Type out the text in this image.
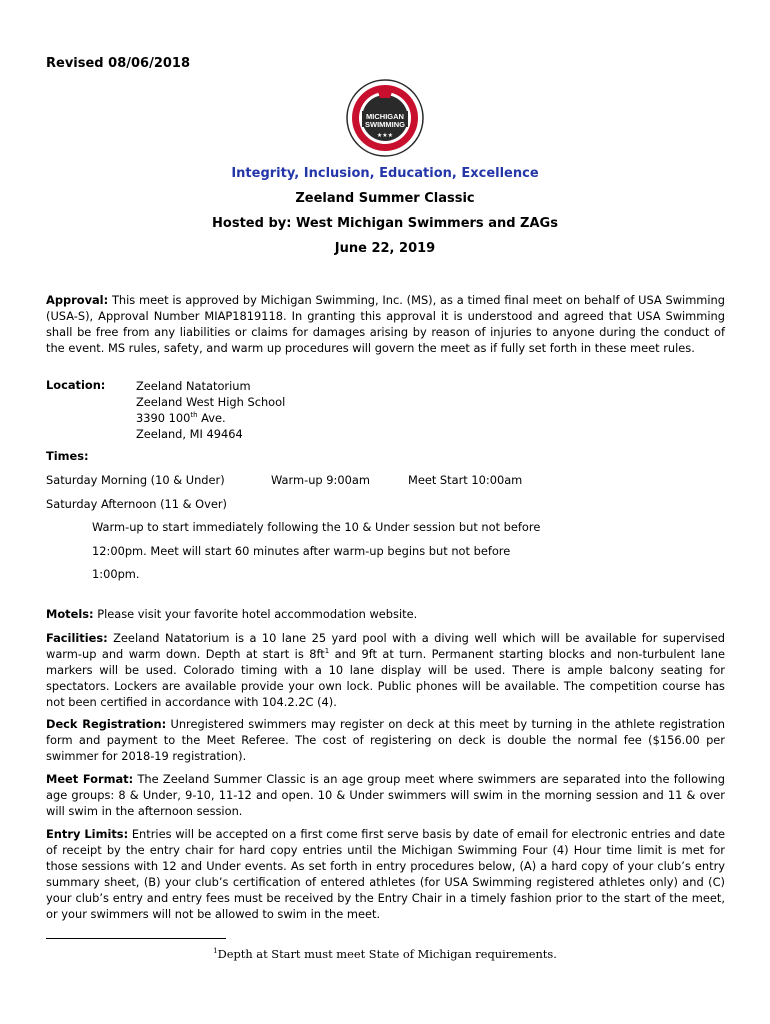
Revised 08/06/2018
MICHIGAN
SWIMMING
★★★
Integrity, Inclusion, Education, Excellence
Zeeland Summer Classic
Hosted by: West Michigan Swimmers and ZAGs
June 22, 2019
Approval: This meet is approved by Michigan Swimming, Inc. (MS), as a timed final meet on behalf of USA Swimming (USA-S), Approval Number MIAP1819118. In granting this approval it is understood and agreed that USA Swimming shall be free from any liabilities or claims for damages arising by reason of injuries to anyone during the conduct of the event. MS rules, safety, and warm up procedures will govern the meet as if fully set forth in these meet rules.
Location:	Zeeland Natatorium
Zeeland West High School
3390 100th Ave.
Zeeland, MI 49464
Times:
Saturday Morning (10 & Under)	Warm-up 9:00am	Meet Start 10:00am
Saturday Afternoon (11 & Over)
Warm-up to start immediately following the 10 & Under session but not before
12:00pm. Meet will start 60 minutes after warm-up begins but not before
1:00pm.
Motels: Please visit your favorite hotel accommodation website.
Facilities: Zeeland Natatorium is a 10 lane 25 yard pool with a diving well which will be available for supervised warm-up and warm down. Depth at start is $8ft^1$ and 9ft at turn. Permanent starting blocks and non-turbulent lane markers will be used. Colorado timing with a 10 lane display will be used. There is ample balcony seating for spectators. Lockers are available provide your own lock. Public phones will be available. The competition course has not been certified in accordance with 104.2.2C (4).
Deck Registration: Unregistered swimmers may register on deck at this meet by turning in the athlete registration form and payment to the Meet Referee. The cost of registering on deck is double the normal fee ($156.00 per swimmer for 2018-19 registration).
Meet Format: The Zeeland Summer Classic is an age group meet where swimmers are separated into the following age groups: 8 & Under, 9-10, 11-12 and open. 10 & Under swimmers will swim in the morning session and 11 & over will swim in the afternoon session.
Entry Limits: Entries will be accepted on a first come first serve basis by date of email for electronic entries and date of receipt by the entry chair for hard copy entries until the Michigan Swimming Four (4) Hour time limit is met for those sessions with 12 and Under events. As set forth in entry procedures below, (A) a hard copy of your club’s entry summary sheet, (B) your club’s certification of entered athletes (for USA Swimming registered athletes only) and (C) your club’s entry and entry fees must be received by the Entry Chair in a timely fashion prior to the start of the meet, or your swimmers will not be allowed to swim in the meet.
$^1$Depth at Start must meet State of Michigan requirements.
